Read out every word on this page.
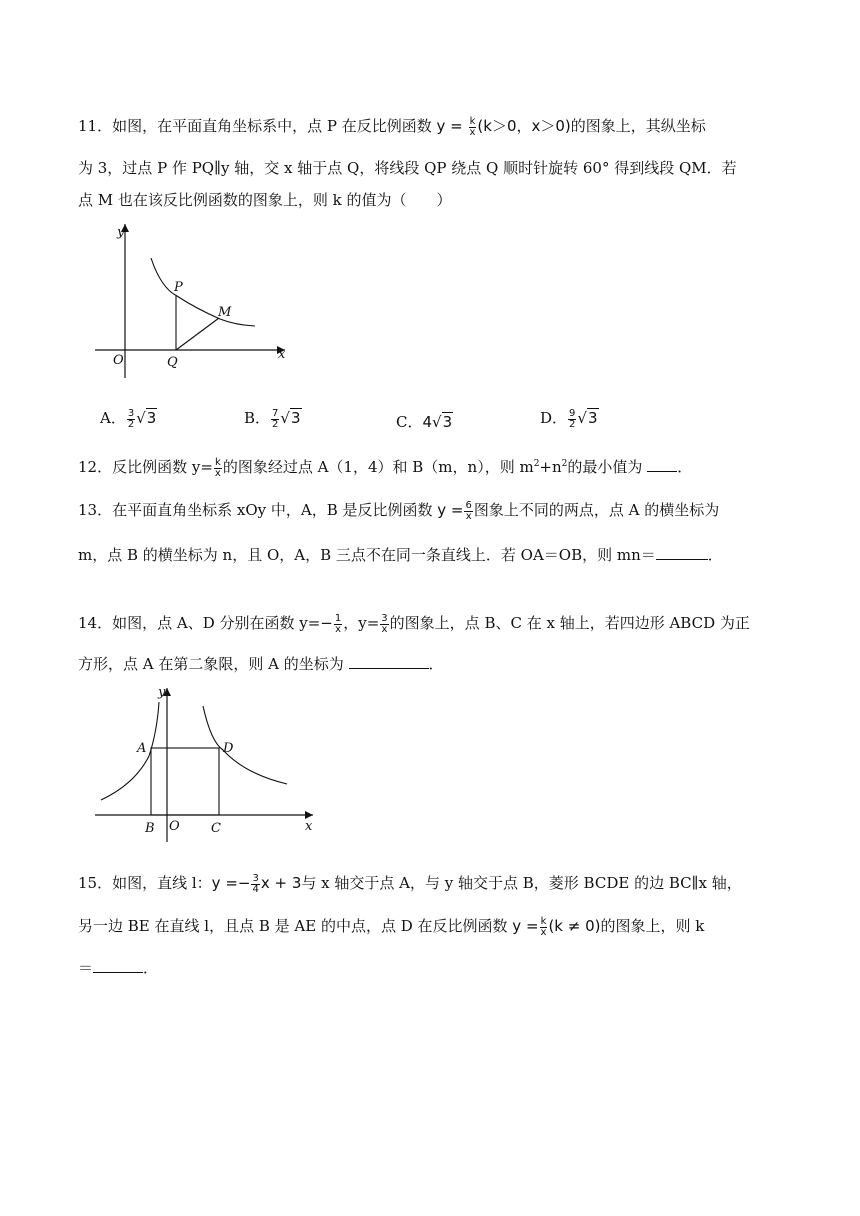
11．如图，在平面直角坐标系中，点 P 在反比例函数 $y = \frac{k}{x} (k>0$，x＞0)的图象上，其纵坐标
为 3，过点 P 作 PQ∥y 轴，交 x 轴于点 Q，将线段 QP 绕点 Q 顺时针旋转 60° 得到线段 QM．若
点 M 也在该反比例函数的图象上，则 k 的值为（　　）
y
x
O
P
Q
M
A． $\frac{3}{2} √3$	B． $\frac{7}{2} √3$	C．4√3	D． $\frac{9}{2} √3$
12．反比例函数 $y= \frac{k}{x}$ 的图象经过点 A（1，4）和 B（m，n），则 $m^2+n^2$的最小值为 ．
13．在平面直角坐标系 xOy 中，A，B 是反比例函数 $y = \frac{6}{x}$ 图象上不同的两点，点 A 的横坐标为
m，点 B 的横坐标为 n，且 O，A，B 三点不在同一条直线上．若 OA＝OB，则 mn＝	．
14．如图，点 A、D 分别在函数 $y=- \frac{1}{x}$ ，$y= \frac{3}{x}$ 的图象上，点 B、C 在 x 轴上，若四边形 ABCD 为正
方形，点 A 在第二象限，则 A 的坐标为	．
y
x
A	D
B O C
15．如图，直线 l：$y =- \frac{3}{4}$ x + 3与 x 轴交于点 A，与 y 轴交于点 B，菱形 BCDE 的边 BC∥x 轴，
另一边 BE 在直线 l，且点 B 是 AE 的中点，点 D 在反比例函数 $y = \frac{k}{x} (k \ne 0)$的图象上，则 k
＝	．
